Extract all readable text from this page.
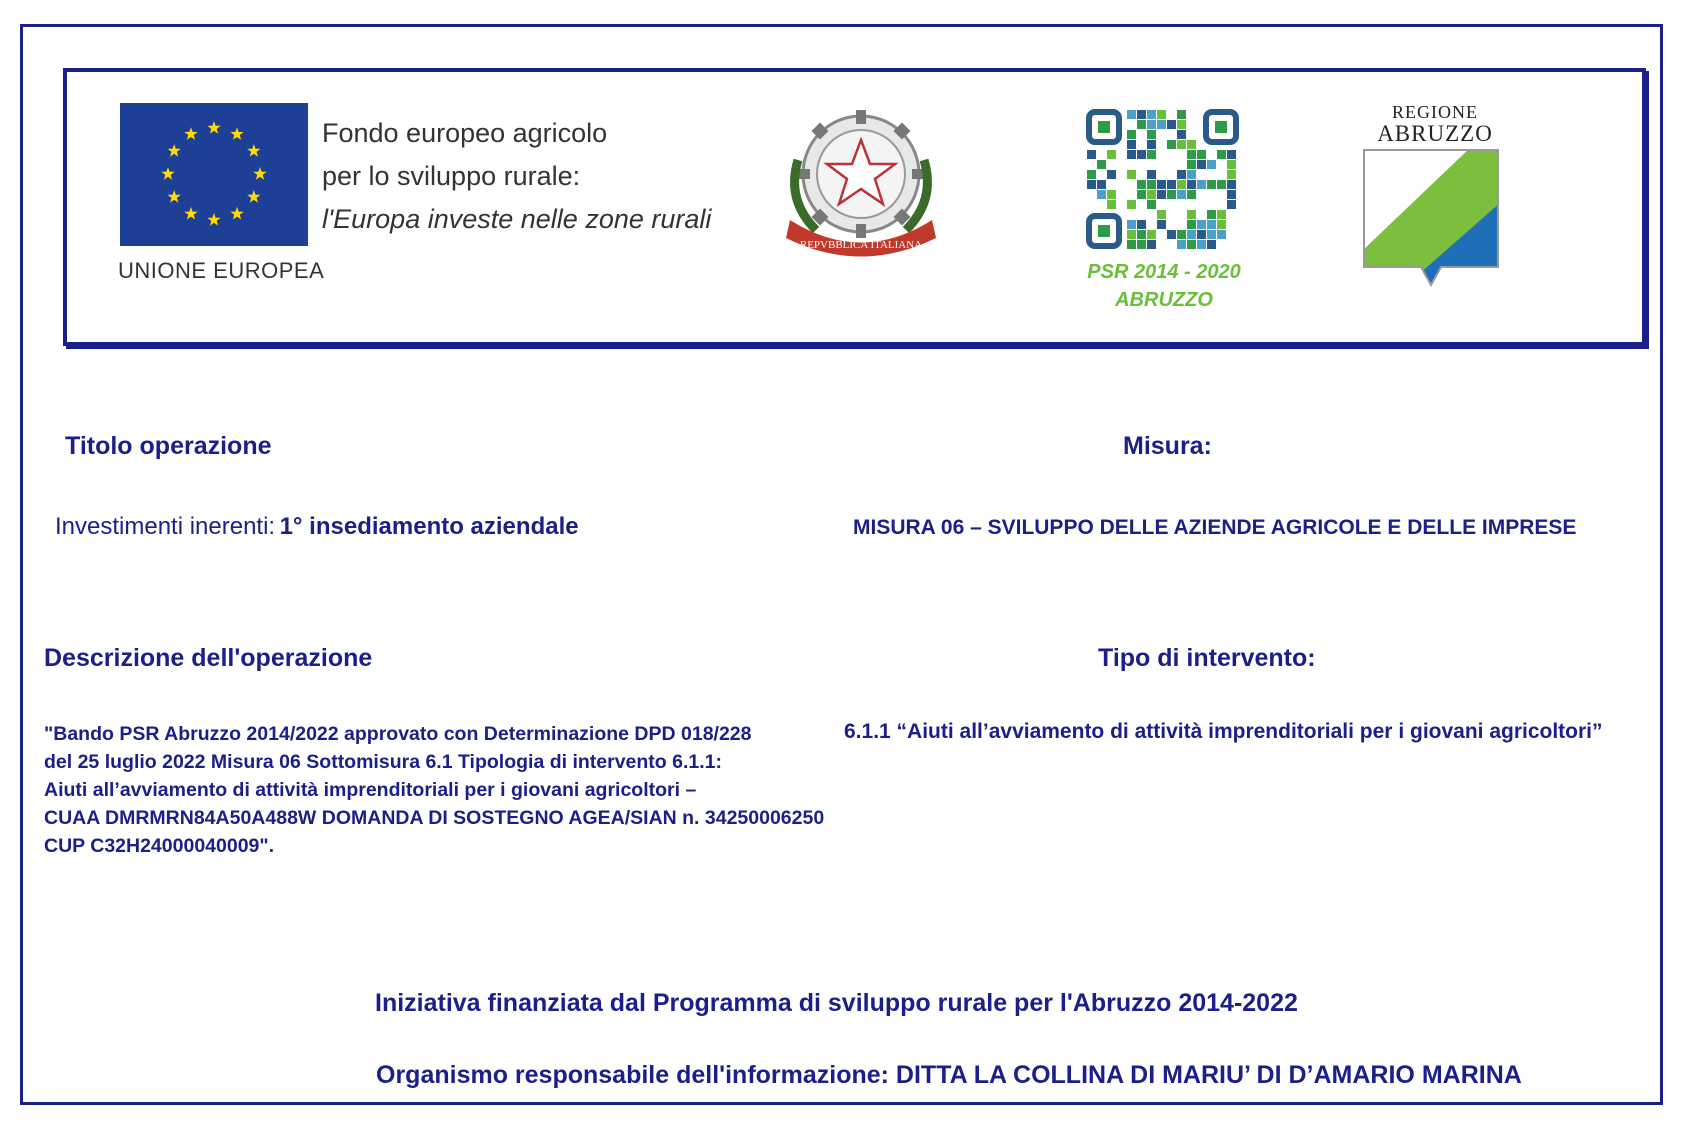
UNIONE EUROPEA
Fondo europeo agricolo
per lo sviluppo rurale:
l'Europa investe nelle zone rurali
REPVBBLICA ITALIANA
PSR 2014 - 2020
ABRUZZO
REGIONE
ABRUZZO
Titolo operazione
Investimenti inerenti: 1° insediamento aziendale
Misura:
MISURA 06 – SVILUPPO DELLE AZIENDE AGRICOLE E DELLE IMPRESE
Descrizione dell'operazione
"Bando PSR Abruzzo 2014/2022 approvato con Determinazione DPD 018/228
del 25 luglio 2022 Misura 06 Sottomisura 6.1 Tipologia di intervento 6.1.1:
Aiuti all’avviamento di attività imprenditoriali per i giovani agricoltori –
CUAA DMRMRN84A50A488W DOMANDA DI SOSTEGNO AGEA/SIAN n. 34250006250
CUP C32H24000040009".
Tipo di intervento:
6.1.1 “Aiuti all’avviamento di attività imprenditoriali per i giovani agricoltori”
Iniziativa finanziata dal Programma di sviluppo rurale per l'Abruzzo 2014-2022
Organismo responsabile dell'informazione: DITTA LA COLLINA DI MARIU’ DI D’AMARIO MARINA
